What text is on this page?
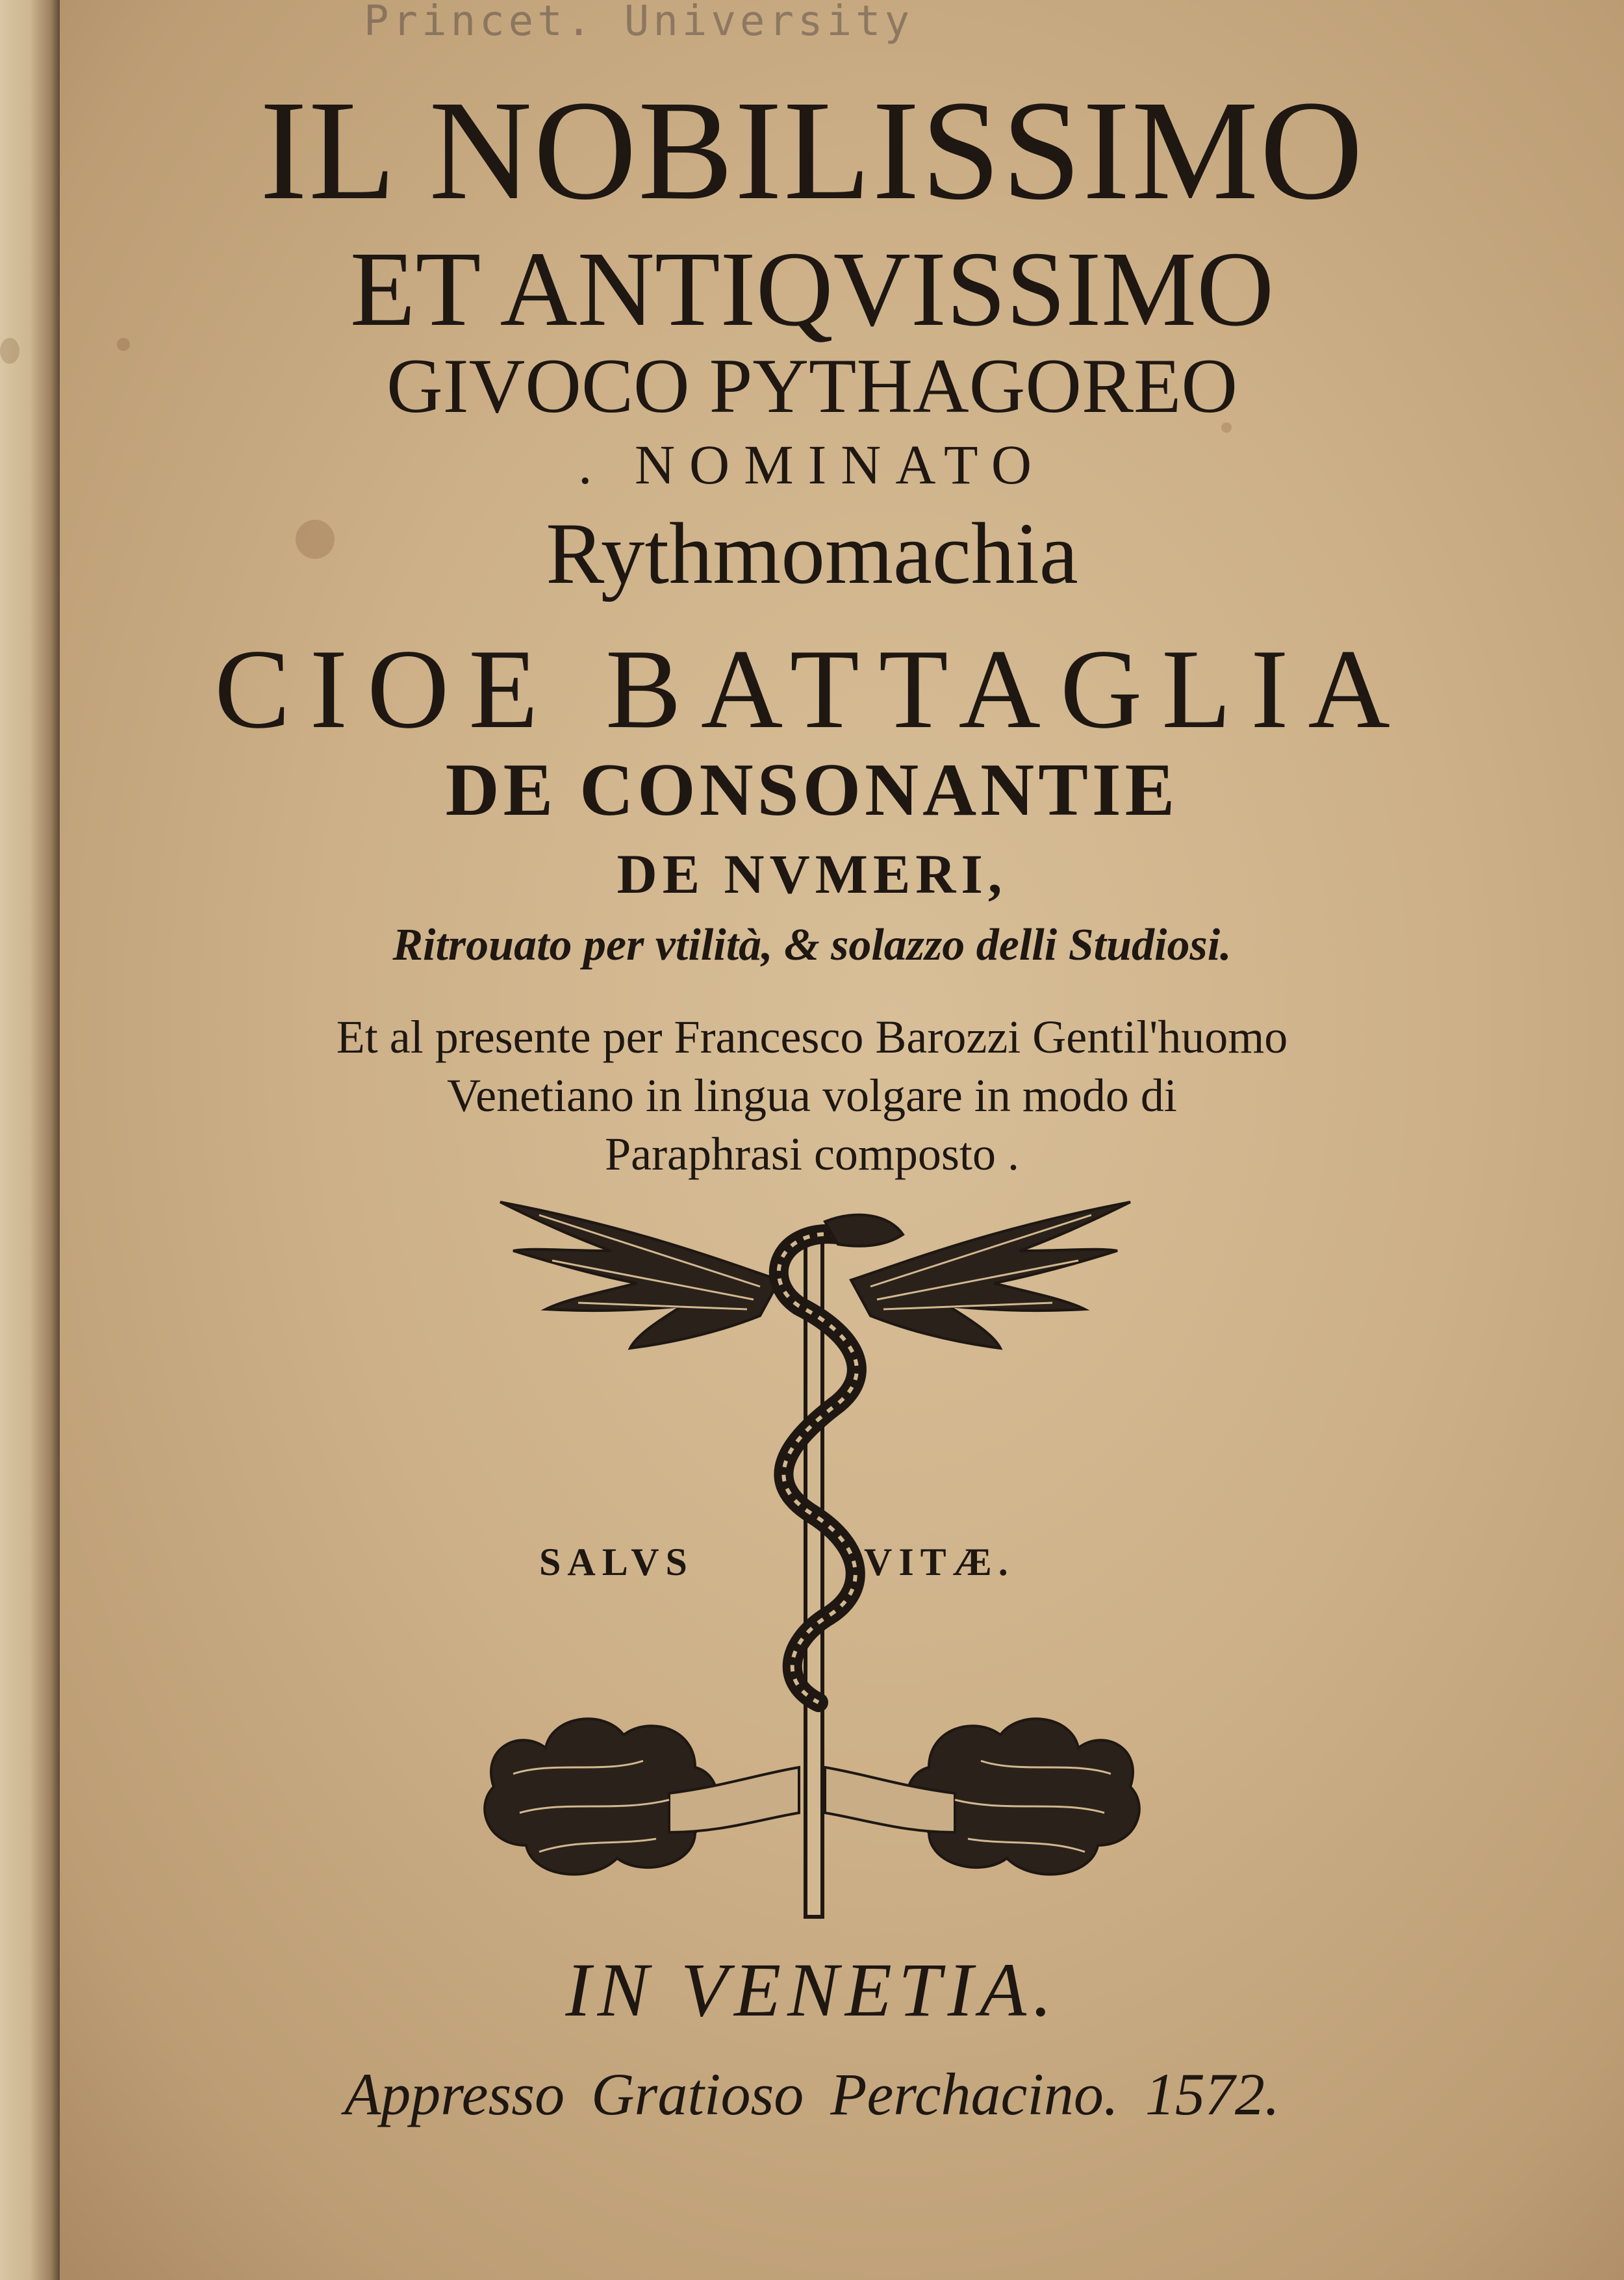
Princet. University
IL NOBILISSIMO
ET ANTIQVISSIMO
GIVOCO PYTHAGOREO
. NOMINATO
Rythmomachia
CIOE BATTAGLIA
DE CONSONANTIE
DE NVMERI,
Ritrouato per vtilità, & solazzo delli Studiosi.
Et al presente per Francesco Barozzi Gentil'huomo
Venetiano in lingua volgare in modo di
Paraphrasi composto .
SALVS	VITÆ.
IN VENETIA.
Appresso Gratioso Perchacino. 1572.
